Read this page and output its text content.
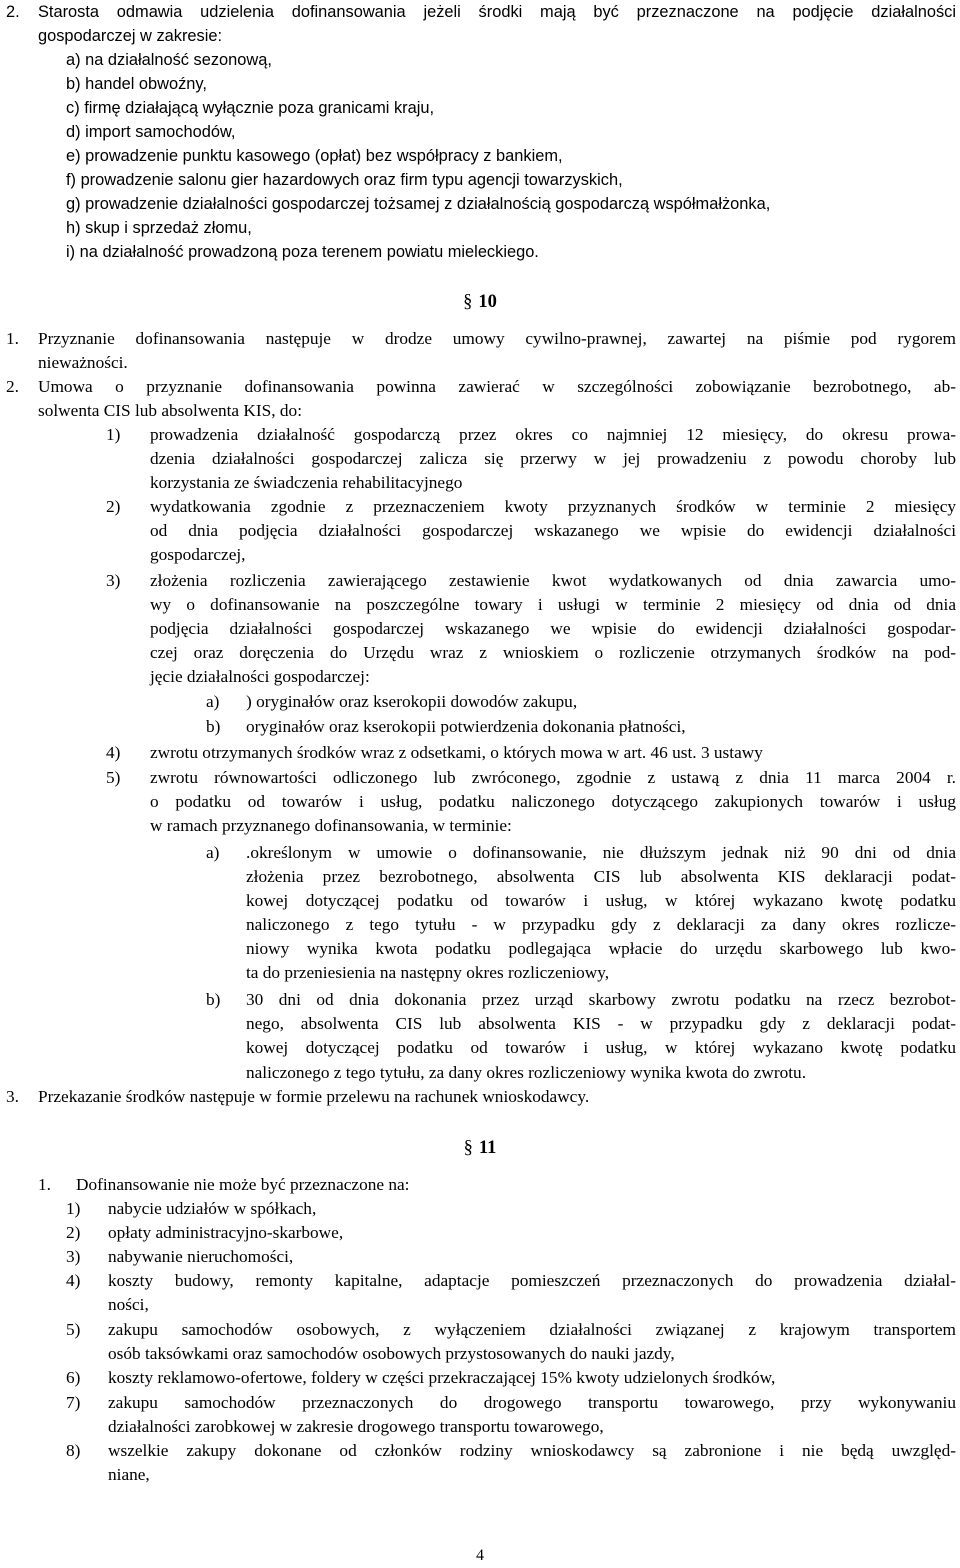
2. Starosta odmawia udzielenia dofinansowania jeżeli środki mają być przeznaczone na podjęcie działalności
gospodarczej w zakresie:
a) na działalność sezonową,
b) handel obwoźny,
c) firmę działającą wyłącznie poza granicami kraju,
d) import samochodów,
e) prowadzenie punktu kasowego (opłat) bez współpracy z bankiem,
f) prowadzenie salonu gier hazardowych oraz firm typu agencji towarzyskich,
g) prowadzenie działalności gospodarczej tożsamej z działalnością gospodarczą współmałżonka,
h) skup i sprzedaż złomu,
i) na działalność prowadzoną poza terenem powiatu mieleckiego.
§ 10
1. Przyznanie dofinansowania następuje w drodze umowy cywilno-prawnej, zawartej na piśmie pod rygorem
nieważności.
2. Umowa o przyznanie dofinansowania powinna zawierać w szczególności zobowiązanie bezrobotnego, ab-
solwenta CIS lub absolwenta KIS, do:
1) prowadzenia działalność gospodarczą przez okres co najmniej 12 miesięcy, do okresu prowa-
dzenia działalności gospodarczej zalicza się przerwy w jej prowadzeniu z powodu choroby lub
korzystania ze świadczenia rehabilitacyjnego
2) wydatkowania zgodnie z przeznaczeniem kwoty przyznanych środków w terminie 2 miesięcy
od dnia podjęcia działalności gospodarczej wskazanego we wpisie do ewidencji działalności
gospodarczej,
3) złożenia rozliczenia zawierającego zestawienie kwot wydatkowanych od dnia zawarcia umo-
wy o dofinansowanie na poszczególne towary i usługi w terminie 2 miesięcy od dnia od dnia
podjęcia działalności gospodarczej wskazanego we wpisie do ewidencji działalności gospodar-
czej oraz doręczenia do Urzędu wraz z wnioskiem o rozliczenie otrzymanych środków na pod-
jęcie działalności gospodarczej:
a) ) oryginałów oraz kserokopii dowodów zakupu,
b) oryginałów oraz kserokopii potwierdzenia dokonania płatności,
4) zwrotu otrzymanych środków wraz z odsetkami, o których mowa w art. 46 ust. 3 ustawy
5) zwrotu równowartości odliczonego lub zwróconego, zgodnie z ustawą z dnia 11 marca 2004 r.
o podatku od towarów i usług, podatku naliczonego dotyczącego zakupionych towarów i usług
w ramach przyznanego dofinansowania, w terminie:
a) .określonym w umowie o dofinansowanie, nie dłuższym jednak niż 90 dni od dnia
złożenia przez bezrobotnego, absolwenta CIS lub absolwenta KIS deklaracji podat-
kowej dotyczącej podatku od towarów i usług, w której wykazano kwotę podatku
naliczonego z tego tytułu - w przypadku gdy z deklaracji za dany okres rozlicze-
niowy wynika kwota podatku podlegająca wpłacie do urzędu skarbowego lub kwo-
ta do przeniesienia na następny okres rozliczeniowy,
b) 30 dni od dnia dokonania przez urząd skarbowy zwrotu podatku na rzecz bezrobot-
nego, absolwenta CIS lub absolwenta KIS - w przypadku gdy z deklaracji podat-
kowej dotyczącej podatku od towarów i usług, w której wykazano kwotę podatku
naliczonego z tego tytułu, za dany okres rozliczeniowy wynika kwota do zwrotu.
3. Przekazanie środków następuje w formie przelewu na rachunek wnioskodawcy.
§ 11
1. Dofinansowanie nie może być przeznaczone na:
1) nabycie udziałów w spółkach,
2) opłaty administracyjno-skarbowe,
3) nabywanie nieruchomości,
4) koszty budowy, remonty kapitalne, adaptacje pomieszczeń przeznaczonych do prowadzenia działal-
ności,
5) zakupu samochodów osobowych, z wyłączeniem działalności związanej z krajowym transportem
osób taksówkami oraz samochodów osobowych przystosowanych do nauki jazdy,
6) koszty reklamowo-ofertowe, foldery w części przekraczającej 15% kwoty udzielonych środków,
7) zakupu samochodów przeznaczonych do drogowego transportu towarowego, przy wykonywaniu
działalności zarobkowej w zakresie drogowego transportu towarowego,
8) wszelkie zakupy dokonane od członków rodziny wnioskodawcy są zabronione i nie będą uwzględ-
niane,
4
